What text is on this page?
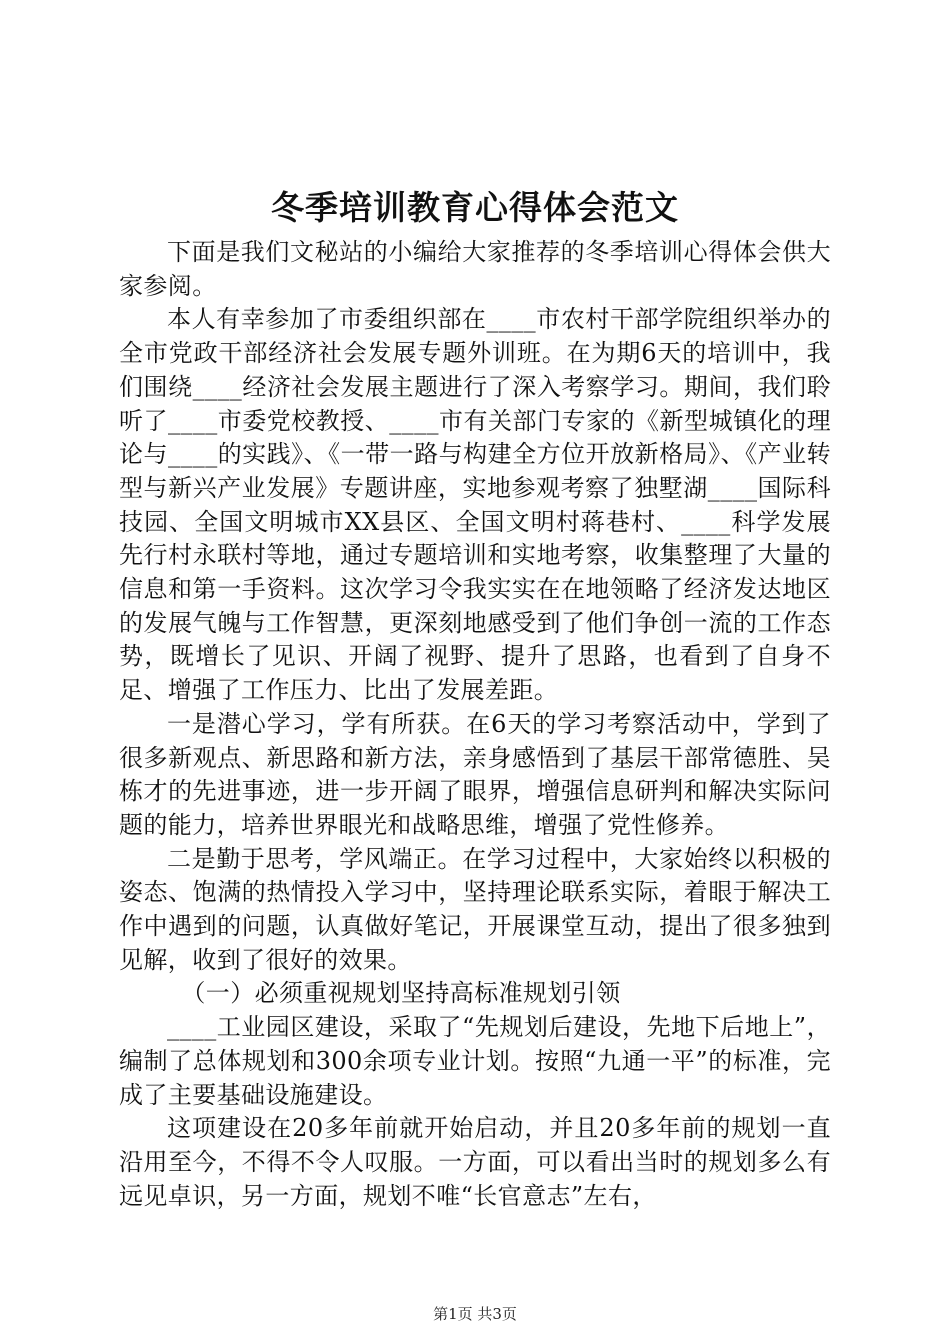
冬季培训教育心得体会范文

下面是我们文秘站的小编给大家推荐的冬季培训心得体会供大家参阅。

本人有幸参加了市委组织部在____市农村干部学院组织举办的全市党政干部经济社会发展专题外训班。在为期6天的培训中，我们围绕____经济社会发展主题进行了深入考察学习。期间，我们聆听了____市委党校教授、____市有关部门专家的《新型城镇化的理论与____的实践》、《一带一路与构建全方位开放新格局》、《产业转型与新兴产业发展》专题讲座，实地参观考察了独墅湖____国际科技园、全国文明城市XX县区、全国文明村蒋巷村、____科学发展先行村永联村等地，通过专题培训和实地考察，收集整理了大量的信息和第一手资料。这次学习令我实实在在地领略了经济发达地区的发展气魄与工作智慧，更深刻地感受到了他们争创一流的工作态势，既增长了见识、开阔了视野、提升了思路，也看到了自身不足、增强了工作压力、比出了发展差距。

一是潜心学习，学有所获。在6天的学习考察活动中，学到了很多新观点、新思路和新方法，亲身感悟到了基层干部常德胜、吴栋才的先进事迹，进一步开阔了眼界，增强信息研判和解决实际问题的能力，培养世界眼光和战略思维，增强了党性修养。

二是勤于思考，学风端正。在学习过程中，大家始终以积极的姿态、饱满的热情投入学习中，坚持理论联系实际，着眼于解决工作中遇到的问题，认真做好笔记，开展课堂互动，提出了很多独到见解，收到了很好的效果。

（一）必须重视规划坚持高标准规划引领

____工业园区建设，采取了“先规划后建设，先地下后地上”，编制了总体规划和300余项专业计划。按照“九通一平”的标准，完成了主要基础设施建设。

这项建设在20多年前就开始启动，并且20多年前的规划一直沿用至今，不得不令人叹服。一方面，可以看出当时的规划多么有远见卓识，另一方面，规划不唯“长官意志”左右，

第1页 共3页
